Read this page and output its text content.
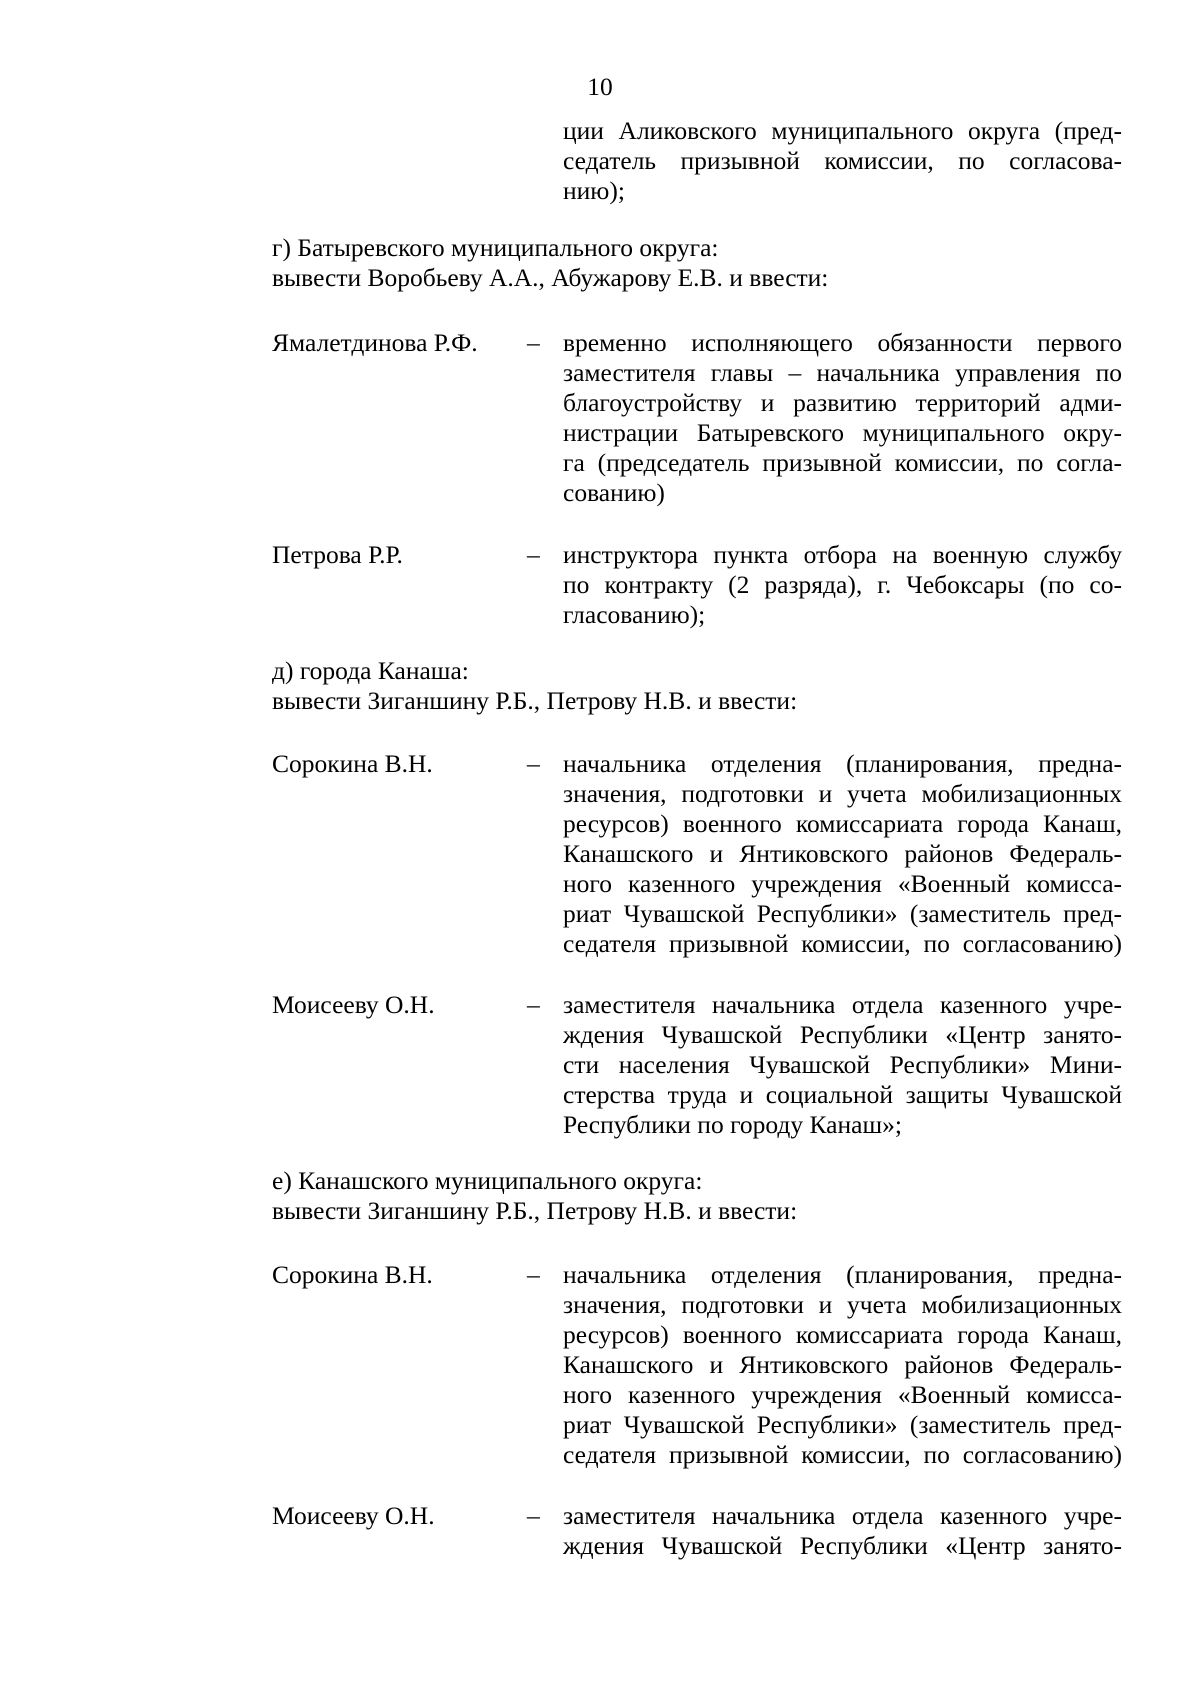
10
ции Аликовского муниципального округа (пред-
седатель призывной комиссии, по согласова-
нию);
г) Батыревского муниципального округа:
вывести Воробьеву А.А., Абужарову Е.В. и ввести:
Ямалетдинова Р.Ф. – временно исполняющего обязанности первого
заместителя главы – начальника управления по
благоустройству и развитию территорий адми-
нистрации Батыревского муниципального окру-
га (председатель призывной комиссии, по согла-
сованию)
Петрова Р.Р.	– инструктора пункта отбора на военную службу
по контракту (2 разряда), г. Чебоксары (по со-
гласованию);
д) города Канаша:
вывести Зиганшину Р.Б., Петрову Н.В. и ввести:
Сорокина В.Н.	– начальника отделения (планирования, предна-
значения, подготовки и учета мобилизационных
ресурсов) военного комиссариата города Канаш,
Канашского и Янтиковского районов Федераль-
ного казенного учреждения «Военный комисса-
риат Чувашской Республики» (заместитель пред-
седателя призывной комиссии, по согласованию)
Моисееву О.Н.	– заместителя начальника отдела казенного учре-
ждения Чувашской Республики «Центр занято-
сти населения Чувашской Республики» Мини-
стерства труда и социальной защиты Чувашской
Республики по городу Канаш»;
е) Канашского муниципального округа:
вывести Зиганшину Р.Б., Петрову Н.В. и ввести:
Сорокина В.Н.	– начальника отделения (планирования, предна-
значения, подготовки и учета мобилизационных
ресурсов) военного комиссариата города Канаш,
Канашского и Янтиковского районов Федераль-
ного казенного учреждения «Военный комисса-
риат Чувашской Республики» (заместитель пред-
седателя призывной комиссии, по согласованию)
Моисееву О.Н.	– заместителя начальника отдела казенного учре-
ждения Чувашской Республики «Центр занято-
